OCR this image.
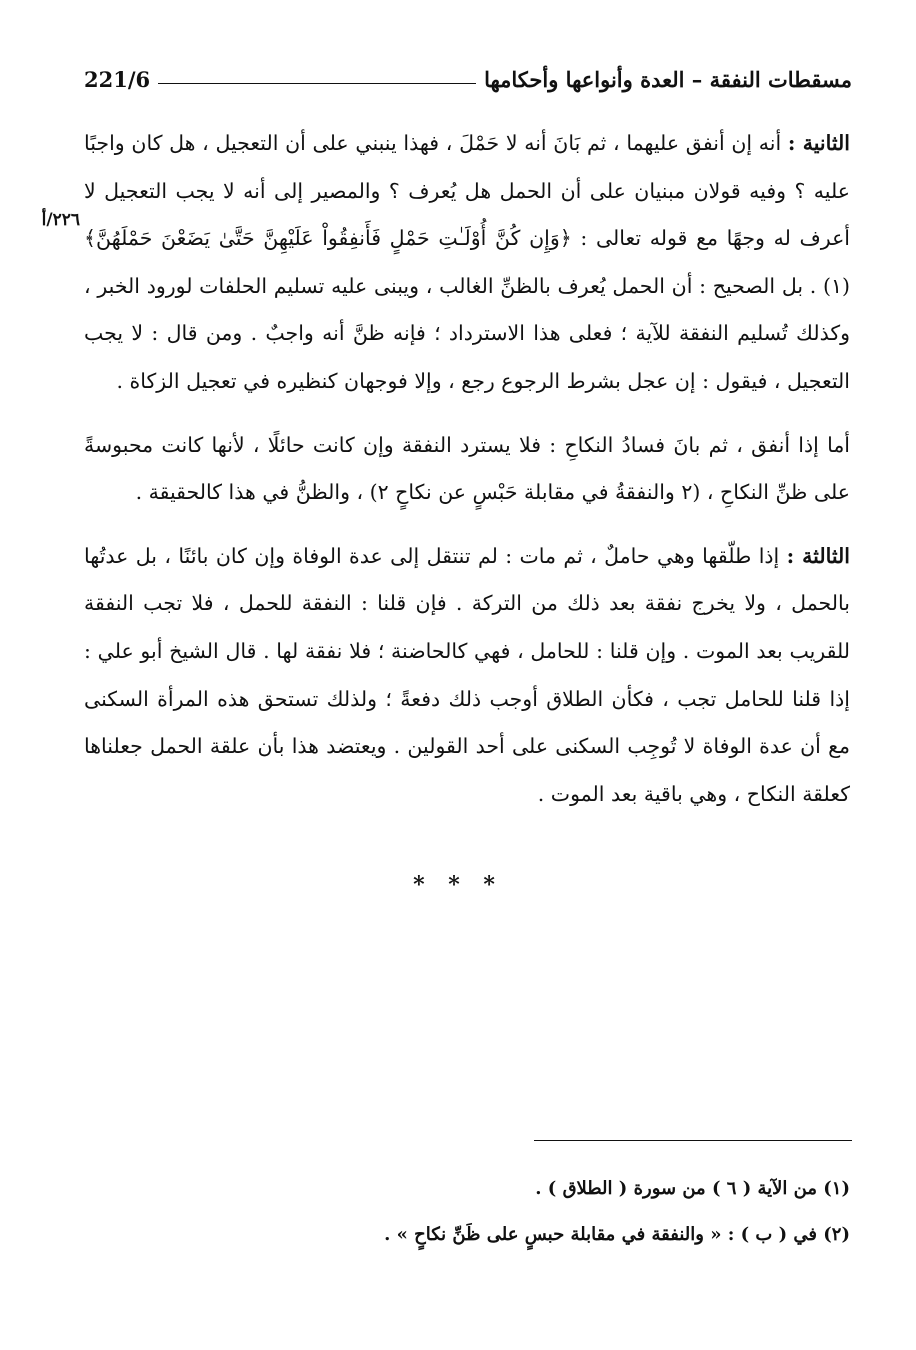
مسقطات النفقة – العدة وأنواعها وأحكامها
221/6
٢٢٦/أ

الثانية : أنه إن أنفق عليهما ، ثم بَانَ أنه لا حَمْلَ ، فهذا ينبني على أن التعجيل ، هل كان واجبًا عليه ؟ وفيه قولان مبنيان على أن الحمل هل يُعرف ؟ والمصير إلى أنه لا يجب التعجيل لا أعرف له وجهًا مع قوله تعالى : ﴿وَإِن كُنَّ أُوْلَـٰتِ حَمْلٍ فَأَنفِقُواْ عَلَيْهِنَّ حَتَّىٰ يَضَعْنَ حَمْلَهُنَّ﴾ (١) . بل الصحيح : أن الحمل يُعرف بالظنِّ الغالب ، ويبنى عليه تسليم الحلفات لورود الخبر ، وكذلك تُسليم النفقة للآية ؛ فعلى هذا الاسترداد ؛ فإنه ظنَّ أنه واجبٌ . ومن قال : لا يجب التعجيل ، فيقول : إن عجل بشرط الرجوع رجع ، وإلا فوجهان كنظيره في تعجيل الزكاة .

أما إذا أنفق ، ثم بانَ فسادُ النكاحِ : فلا يسترد النفقة وإن كانت حائلًا ، لأنها كانت محبوسةً على ظنِّ النكاحِ ، (٢ والنفقةُ في مقابلة حَبْسٍ عن نكاحٍ ٢) ، والظنُّ في هذا كالحقيقة .

الثالثة : إذا طلّقها وهي حاملٌ ، ثم مات : لم تنتقل إلى عدة الوفاة وإن كان بائنًا ، بل عدتُها بالحمل ، ولا يخرج نفقة بعد ذلك من التركة . فإن قلنا : النفقة للحمل ، فلا تجب النفقة للقريب بعد الموت . وإن قلنا : للحامل ، فهي كالحاضنة ؛ فلا نفقة لها . قال الشيخ أبو علي : إذا قلنا للحامل تجب ، فكأن الطلاق أوجب ذلك دفعةً ؛ ولذلك تستحق هذه المرأة السكنى مع أن عدة الوفاة لا تُوجِب السكنى على أحد القولين . ويعتضد هذا بأن علقة الحمل جعلناها كعلقة النكاح ، وهي باقية بعد الموت .

* * *

(١) من الآية ( ٦ ) من سورة ( الطلاق ) .

(٢) في ( ب ) : « والنفقة في مقابلة حبسٍ على ظَنِّ نكاحٍ » .
